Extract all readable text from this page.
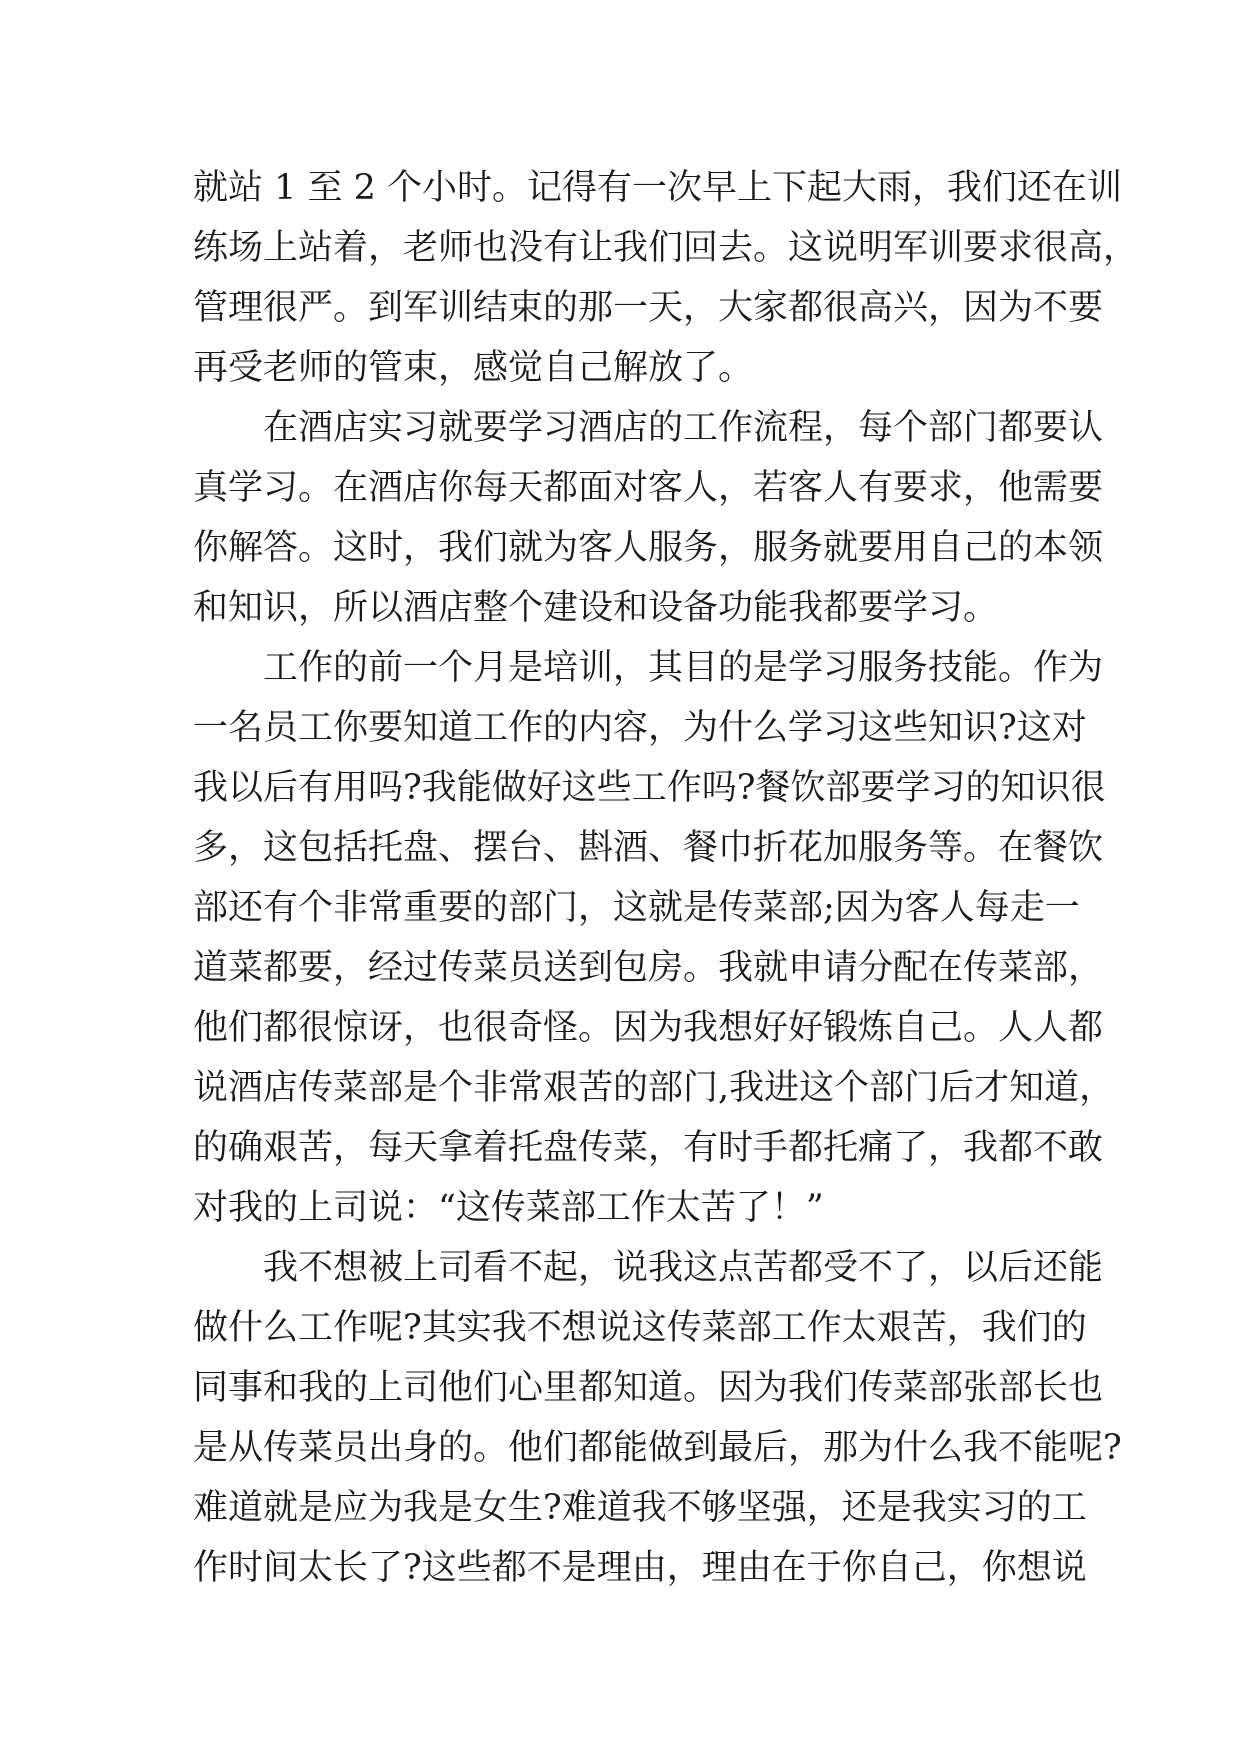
就站 1 至 2 个小时。记得有一次早上下起大雨，我们还在训
练场上站着，老师也没有让我们回去。这说明军训要求很高，
管理很严。到军训结束的那一天，大家都很高兴，因为不要
再受老师的管束，感觉自己解放了。
在酒店实习就要学习酒店的工作流程，每个部门都要认
真学习。在酒店你每天都面对客人，若客人有要求，他需要
你解答。这时，我们就为客人服务，服务就要用自己的本领
和知识，所以酒店整个建设和设备功能我都要学习。
工作的前一个月是培训，其目的是学习服务技能。作为
一名员工你要知道工作的内容，为什么学习这些知识?这对
我以后有用吗?我能做好这些工作吗?餐饮部要学习的知识很
多，这包括托盘、摆台、斟酒、餐巾折花加服务等。在餐饮
部还有个非常重要的部门，这就是传菜部;因为客人每走一
道菜都要，经过传菜员送到包房。我就申请分配在传菜部，
他们都很惊讶，也很奇怪。因为我想好好锻炼自己。人人都
说酒店传菜部是个非常艰苦的部门,我进这个部门后才知道，
的确艰苦，每天拿着托盘传菜，有时手都托痛了，我都不敢
对我的上司说：“这传菜部工作太苦了！”
我不想被上司看不起，说我这点苦都受不了，以后还能
做什么工作呢?其实我不想说这传菜部工作太艰苦，我们的
同事和我的上司他们心里都知道。因为我们传菜部张部长也
是从传菜员出身的。他们都能做到最后，那为什么我不能呢?
难道就是应为我是女生?难道我不够坚强，还是我实习的工
作时间太长了?这些都不是理由，理由在于你自己，你想说
